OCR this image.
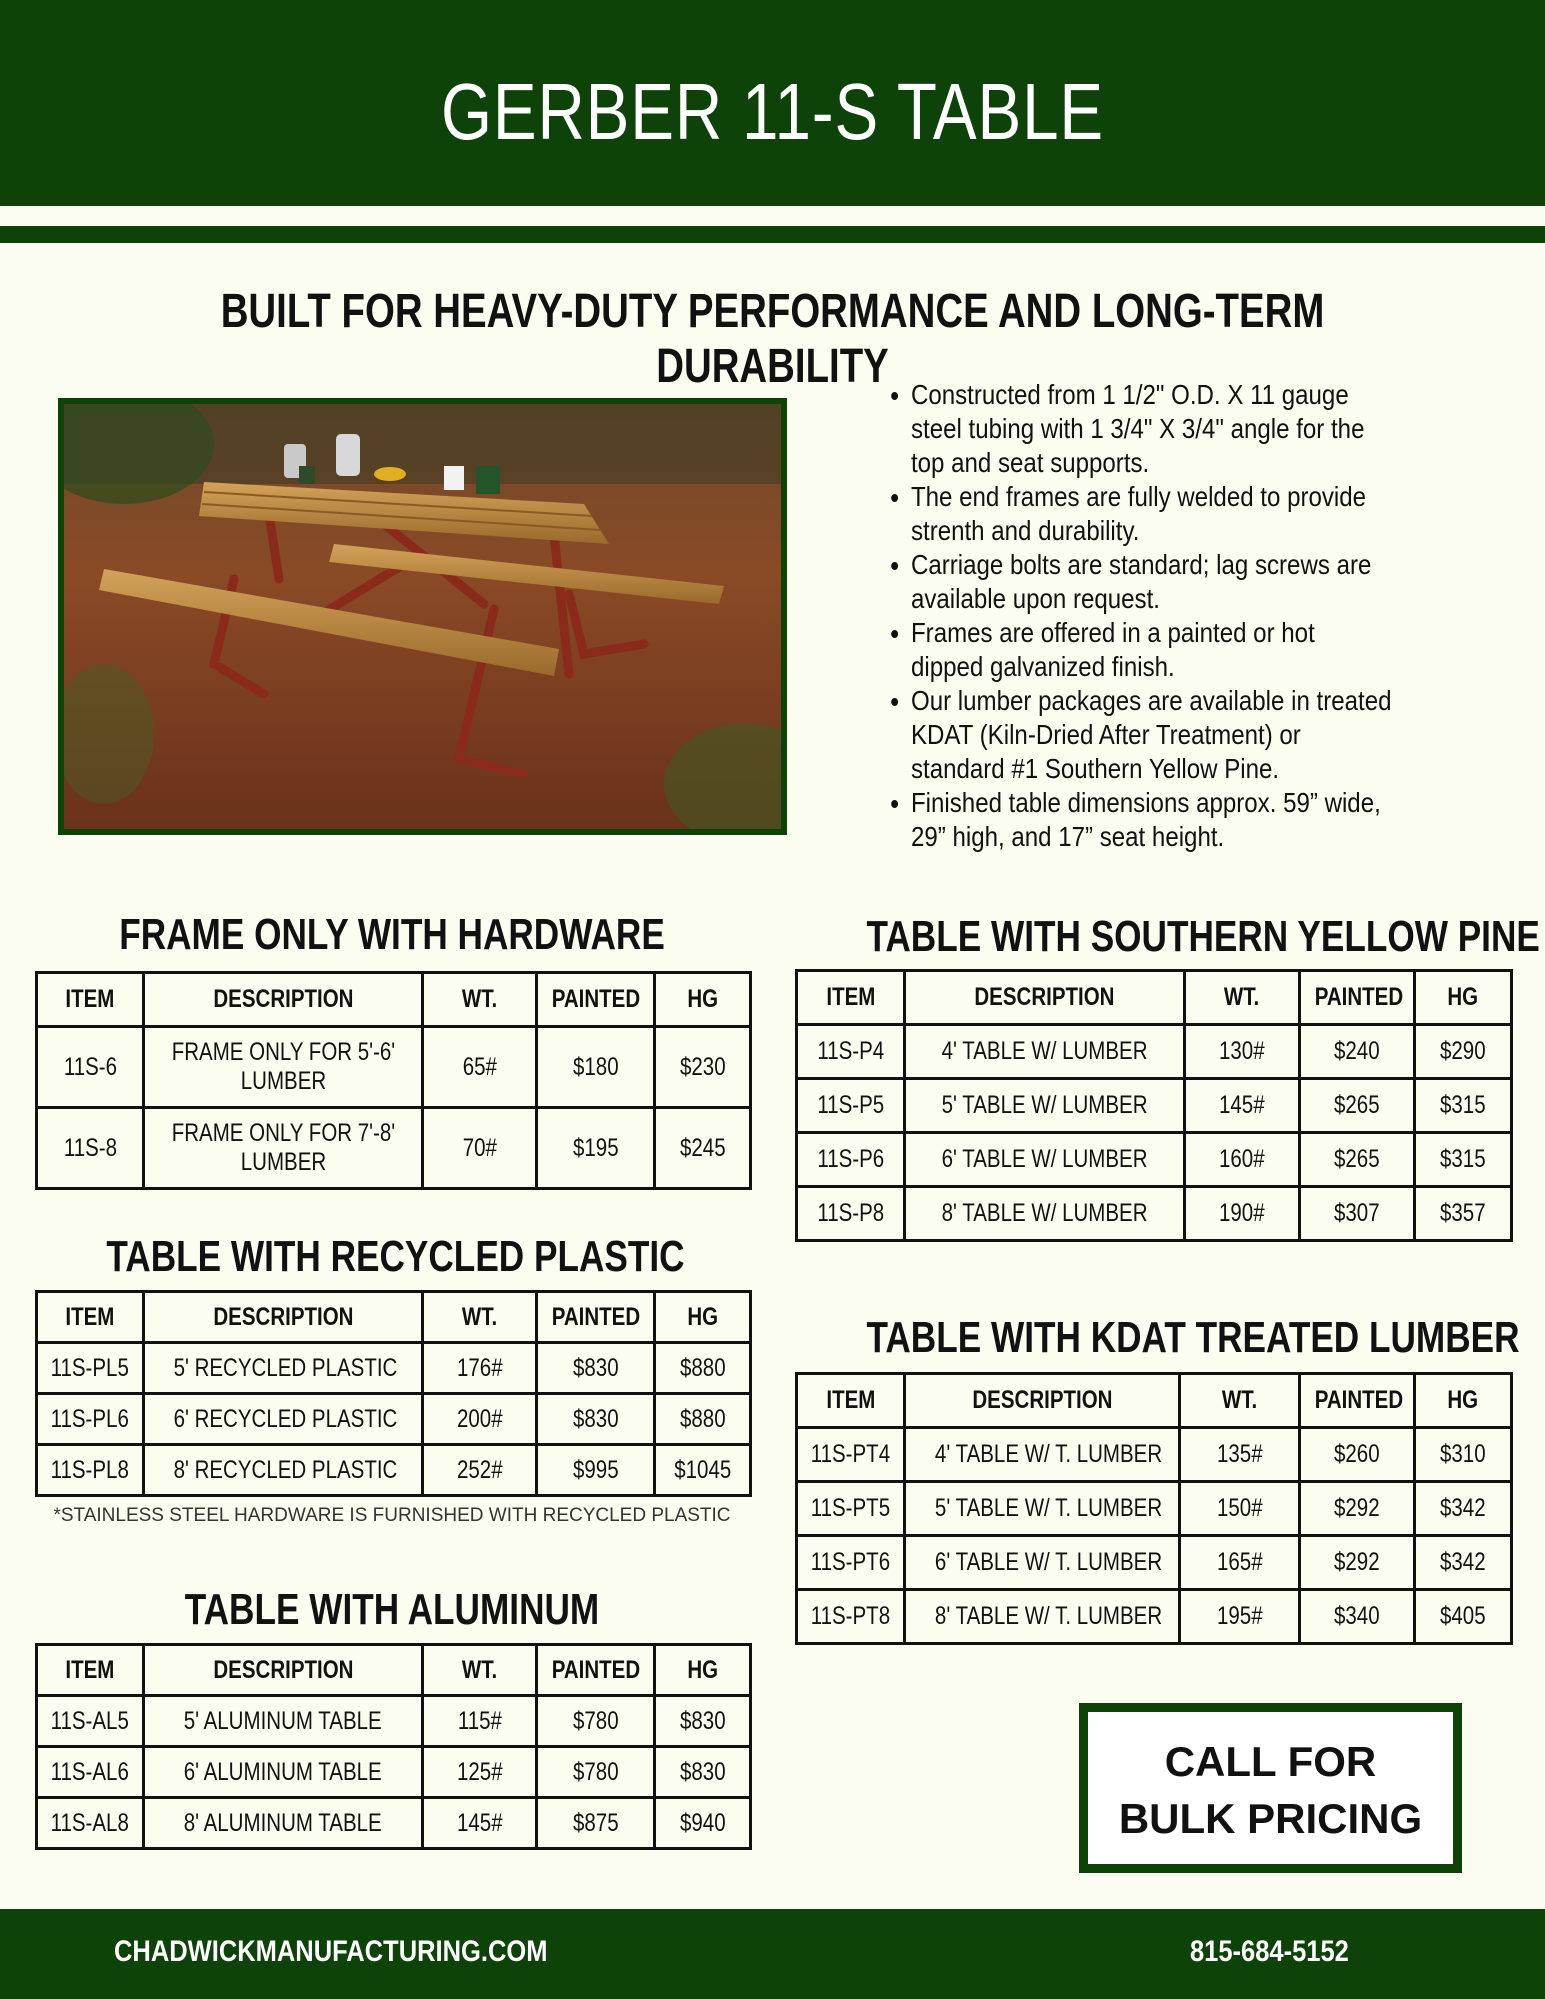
GERBER 11-S TABLE
BUILT FOR HEAVY-DUTY PERFORMANCE AND LONG-TERM DURABILITY
• Constructed from 1 1/2" O.D. X 11 gauge steel tubing with 1 3/4" X 3/4" angle for the top and seat supports.
• The end frames are fully welded to provide strenth and durability.
• Carriage bolts are standard; lag screws are available upon request.
• Frames are offered in a painted or hot dipped galvanized finish.
• Our lumber packages are available in treated KDAT (Kiln-Dried After Treatment) or standard #1 Southern Yellow Pine.
• Finished table dimensions approx. 59” wide, 29” high, and 17” seat height.
FRAME ONLY WITH HARDWARE
ITEM	DESCRIPTION	WT.	PAINTED	HG
11S-6	FRAME ONLY FOR 5'-6' LUMBER	65#	$180	$230
11S-8	FRAME ONLY FOR 7'-8' LUMBER	70#	$195	$245
TABLE WITH RECYCLED PLASTIC
ITEM	DESCRIPTION	WT.	PAINTED	HG
11S-PL5	5' RECYCLED PLASTIC	176#	$830	$880
11S-PL6	6' RECYCLED PLASTIC	200#	$830	$880
11S-PL8	8' RECYCLED PLASTIC	252#	$995	$1045
*STAINLESS STEEL HARDWARE IS FURNISHED WITH RECYCLED PLASTIC
TABLE WITH ALUMINUM
ITEM	DESCRIPTION	WT.	PAINTED	HG
11S-AL5	5' ALUMINUM TABLE	115#	$780	$830
11S-AL6	6' ALUMINUM TABLE	125#	$780	$830
11S-AL8	8' ALUMINUM TABLE	145#	$875	$940
TABLE WITH SOUTHERN YELLOW PINE
ITEM	DESCRIPTION	WT.	PAINTED	HG
11S-P4	4' TABLE W/ LUMBER	130#	$240	$290
11S-P5	5' TABLE W/ LUMBER	145#	$265	$315
11S-P6	6' TABLE W/ LUMBER	160#	$265	$315
11S-P8	8' TABLE W/ LUMBER	190#	$307	$357
TABLE WITH KDAT TREATED LUMBER
ITEM	DESCRIPTION	WT.	PAINTED	HG
11S-PT4	4' TABLE W/ T. LUMBER	135#	$260	$310
11S-PT5	5' TABLE W/ T. LUMBER	150#	$292	$342
11S-PT6	6' TABLE W/ T. LUMBER	165#	$292	$342
11S-PT8	8' TABLE W/ T. LUMBER	195#	$340	$405
CALL FOR
BULK PRICING
CHADWICKMANUFACTURING.COM	815-684-5152
